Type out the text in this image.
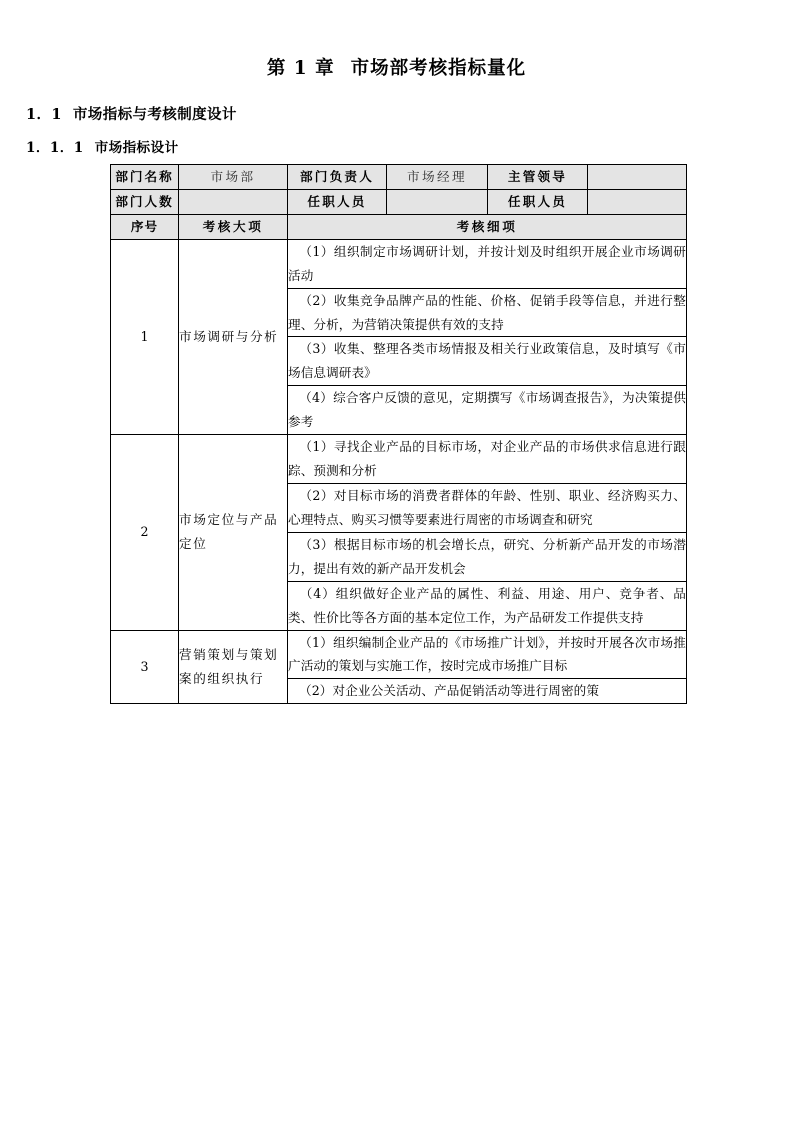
第 1 章 市场部考核指标量化
1．1 市场指标与考核制度设计
1．1．1 市场指标设计
部门名称	市场部	部门负责人	市场经理	主管领导	
部门人数		任职人员		任职人员	
序号	考核大项	考核细项			
1	市场调研与分析	（1）组织制定市场调研计划，并按计划及时组织开展企业市场调研活动			
		（2）收集竞争品牌产品的性能、价格、促销手段等信息，并进行整理、分析，为营销决策提供有效的支持			
		（3）收集、整理各类市场情报及相关行业政策信息，及时填写《市场信息调研表》			
		（4）综合客户反馈的意见，定期撰写《市场调查报告》，为决策提供参考			
2	市场定位与产品定位	（1）寻找企业产品的目标市场，对企业产品的市场供求信息进行跟踪、预测和分析			
		（2）对目标市场的消费者群体的年龄、性别、职业、经济购买力、心理特点、购买习惯等要素进行周密的市场调查和研究			
		（3）根据目标市场的机会增长点，研究、分析新产品开发的市场潜力，提出有效的新产品开发机会			
		（4）组织做好企业产品的属性、利益、用途、用户、竞争者、品类、性价比等各方面的基本定位工作，为产品研发工作提供支持			
3	营销策划与策划案的组织执行	（1）组织编制企业产品的《市场推广计划》，并按时开展各次市场推广活动的策划与实施工作，按时完成市场推广目标			
		（2）对企业公关活动、产品促销活动等进行周密的策			
